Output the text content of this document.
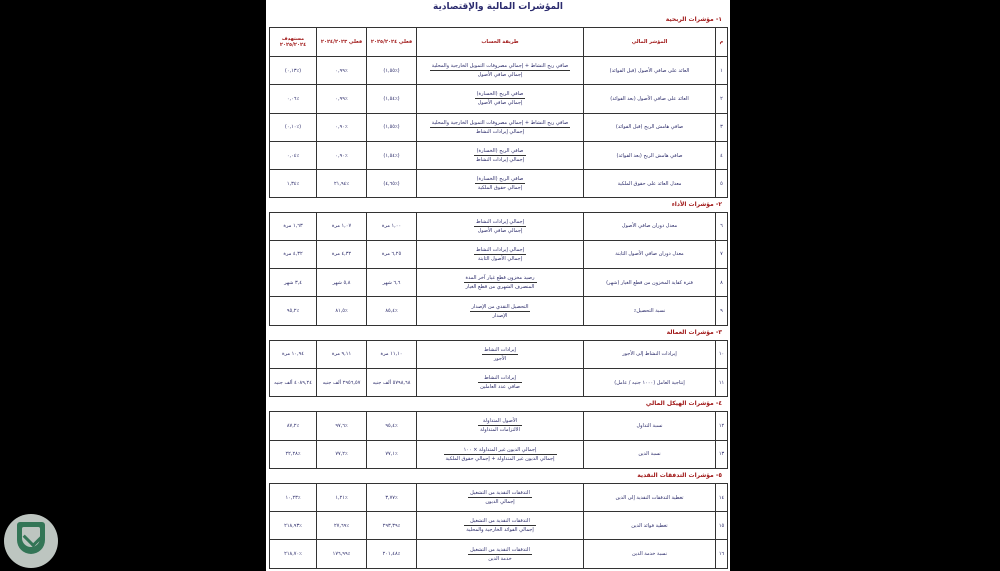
المؤشرات المالية والإقتصادية
١- مؤشرات الربحية
م	المؤشر المالي	طريقة الحساب	فعلي ٢٠٢٥/٢٠٢٤	فعلي ٢٠٢٤/٢٠٢٣	مستهدف ٢٠٢٥/٢٠٢٤
١	العائد على صافي الأصول (قبل الفوائد)	$\frac{\text{صافي ربح النشاط + إجمالي مصروفات التمويل الخارجية والمحلية}}{\text{إجمالي صافي الأصول}}$	(٪١,٥٥)	٪٠,٩٩	(٪٠,١٣)
٢	العائد على صافي الأصول (بعد الفوائد)	$\frac{\text{صافي الربح (الخسارة)}}{\text{إجمالي صافي الأصول}}$	(٪١,٥٤)	٪٠,٩٩	٪٠,٠٦
٣	صافي هامش الربح (قبل الفوائد)	$\frac{\text{صافي ربح النشاط + إجمالي مصروفات التمويل الخارجية والمحلية}}{\text{إجمالي إيرادات النشاط}}$	(٪١,٥٥)	٪٠,٩٠	(٪٠,١٠)
٤	صافي هامش الربح (بعد الفوائد)	$\frac{\text{صافي الربح (الخسارة)}}{\text{إجمالي إيرادات النشاط}}$	(٪١,٥٤)	٪٠,٩٠	٪٠,٠٤
٥	معدل العائد على حقوق الملكية	$\frac{\text{صافي الربح (الخسارة)}}{\text{إجمالي حقوق الملكية}}$	(٪٤,٦٥)	٪٢١,٩٤	٪١,٣٤
٢- مؤشرات الأداء
٦	معدل دوران صافي الأصول	$\frac{\text{إجمالي إيرادات النشاط}}{\text{إجمالي صافي الأصول}}$	١,٠٠ مرة	١,٠٧ مرة	١,٦٣ مرة
٧	معدل دوران صافي الأصول الثابتة	$\frac{\text{إجمالي إيرادات النشاط}}{\text{إجمالي الأصول الثابتة}}$	٦,٢٥ مرة	٤,٣٢ مرة	٤,٣٢ مرة
٨	فترة كفاية المخزون من قطع الغيار (شهر)	$\frac{\text{رصيد مخزون قطع غيار آخر المدة}}{\text{المنصرف الشهري من قطع الغيار}}$	٦,٦ شهر	٥,٨ شهر	٣,٤ شهر
٩	نسبة التحصيل٪	$\frac{\text{التحصيل النقدي من الإصدار}}{\text{الإصدار}}$	٪٨٥,٤	٪٨١,٥	٪٩٥,٢
٣- مؤشرات العمالة
١٠	إيرادات النشاط إلى الأجور	$\frac{\text{إيرادات النشاط}}{\text{الأجور}}$	١١,١٠ مرة	٩,١١ مرة	١٠,٩٤ مرة
١١	إنتاجية العامل (١٠٠٠ جنيه / عامل)	$\frac{\text{إيرادات النشاط}}{\text{صافي عدد العاملين}}$	٥٧٩٨,٦٨ ألف جنيه	٢٩٥٦,٥٧ ألف جنيه	٤٠٨٩,٢٤ ألف جنيه
٤- مؤشرات الهيكل المالي
١٢	نسبة التداول	$\frac{\text{الأصول المتداولة}}{\text{الالتزامات المتداولة}}$	٪٩٥,٤	٪٩٧,٦	٪٨٧,٢
١٣	نسبة الدين	$\frac{\text{إجمالي الديون غير المتداولة × ١٠٠}}{\text{إجمالي الديون غير المتداولة + إجمالي حقوق الملكية}}$	٪٧٧,١	٪٧٧,٢	٪٢٢,٢٨
٥- مؤشرات التدفقات النقدية
١٤	تغطية التدفقات النقدية إلى الدين	$\frac{\text{التدفقات النقدية من التشغيل}}{\text{إجمالي الديون}}$	٪٣,٧٧	٪١,٢١	٪١٠,٢٣
١٥	تغطية فوائد الدين	$\frac{\text{التدفقات النقدية من التشغيل}}{\text{إجمالي الفوائد الخارجية والمحلية}}$	٪٢٩٣,٣٩	٪٢٧,٦٩	٪٢١٨,٩٣
١٦	نسبة خدمة الدين	$\frac{\text{التدفقات النقدية من التشغيل}}{\text{خدمة الدين}}$	٪٢٠١,٤٨	٪١٧٦,٩٩	٪٢١٨,٧٠
